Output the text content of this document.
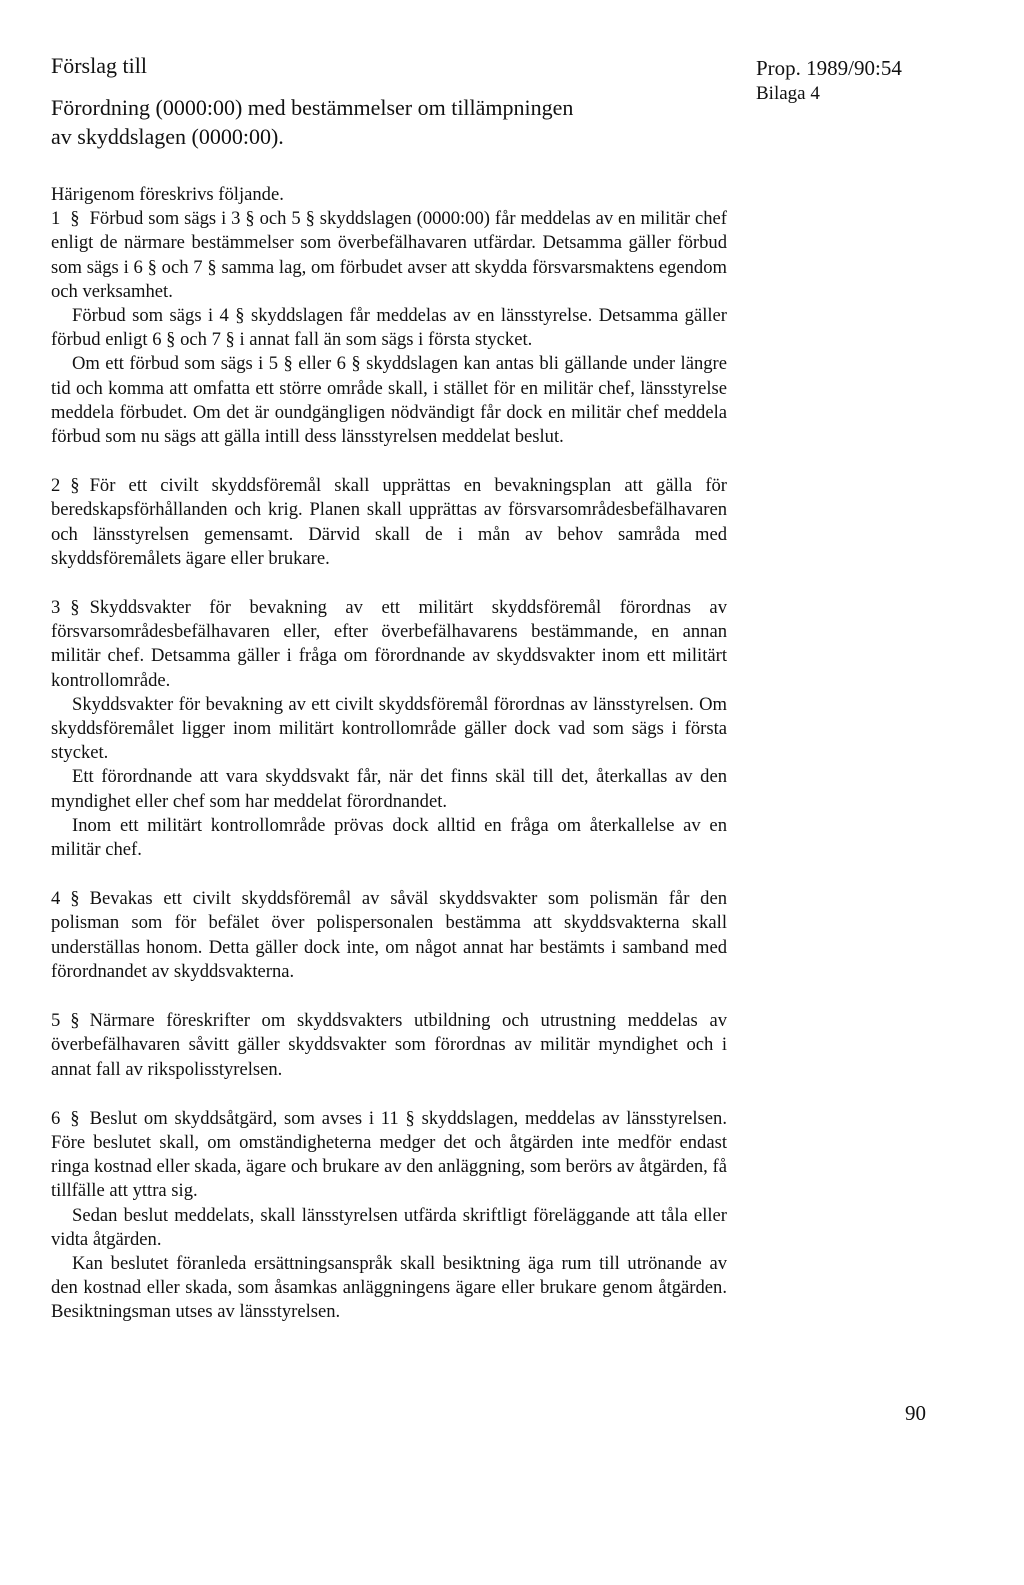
Förslag till

Förordning (0000:00) med bestämmelser om tillämpningen
av skyddslagen (0000:00).

Prop. 1989/90:54

Bilaga 4

Härigenom föreskrivs följande.

1 § Förbud som sägs i 3 § och 5 § skyddslagen (0000:00) får meddelas av en militär chef enligt de närmare bestämmelser som överbefälhavaren utfärdar. Detsamma gäller förbud som sägs i 6 § och 7 § samma lag, om förbudet avser att skydda försvarsmaktens egendom och verksamhet.

Förbud som sägs i 4 § skyddslagen får meddelas av en länsstyrelse. Detsamma gäller förbud enligt 6 § och 7 § i annat fall än som sägs i första stycket.

Om ett förbud som sägs i 5 § eller 6 § skyddslagen kan antas bli gällande under längre tid och komma att omfatta ett större område skall, i stället för en militär chef, länsstyrelse meddela förbudet. Om det är oundgängligen nödvändigt får dock en militär chef meddela förbud som nu sägs att gälla intill dess länsstyrelsen meddelat beslut.

2 § För ett civilt skyddsföremål skall upprättas en bevakningsplan att gälla för beredskapsförhållanden och krig. Planen skall upprättas av försvarsområdesbefälhavaren och länsstyrelsen gemensamt. Därvid skall de i mån av behov samråda med skyddsföremålets ägare eller brukare.

3 § Skyddsvakter för bevakning av ett militärt skyddsföremål förordnas av försvarsområdesbefälhavaren eller, efter överbefälhavarens bestämmande, en annan militär chef. Detsamma gäller i fråga om förordnande av skyddsvakter inom ett militärt kontrollområde.

Skyddsvakter för bevakning av ett civilt skyddsföremål förordnas av länsstyrelsen. Om skyddsföremålet ligger inom militärt kontrollområde gäller dock vad som sägs i första stycket.

Ett förordnande att vara skyddsvakt får, när det finns skäl till det, återkallas av den myndighet eller chef som har meddelat förordnandet.

Inom ett militärt kontrollområde prövas dock alltid en fråga om återkallelse av en militär chef.

4 § Bevakas ett civilt skyddsföremål av såväl skyddsvakter som polismän får den polisman som för befälet över polispersonalen bestämma att skyddsvakterna skall underställas honom. Detta gäller dock inte, om något annat har bestämts i samband med förordnandet av skyddsvakterna.

5 § Närmare föreskrifter om skyddsvakters utbildning och utrustning meddelas av överbefälhavaren såvitt gäller skyddsvakter som förordnas av militär myndighet och i annat fall av rikspolisstyrelsen.

6 § Beslut om skyddsåtgärd, som avses i 11 § skyddslagen, meddelas av länsstyrelsen. Före beslutet skall, om omständigheterna medger det och åtgärden inte medför endast ringa kostnad eller skada, ägare och brukare av den anläggning, som berörs av åtgärden, få tillfälle att yttra sig.

Sedan beslut meddelats, skall länsstyrelsen utfärda skriftligt föreläggande att tåla eller vidta åtgärden.

Kan beslutet föranleda ersättningsanspråk skall besiktning äga rum till utrönande av den kostnad eller skada, som åsamkas anläggningens ägare eller brukare genom åtgärden. Besiktningsman utses av länsstyrelsen.

90
